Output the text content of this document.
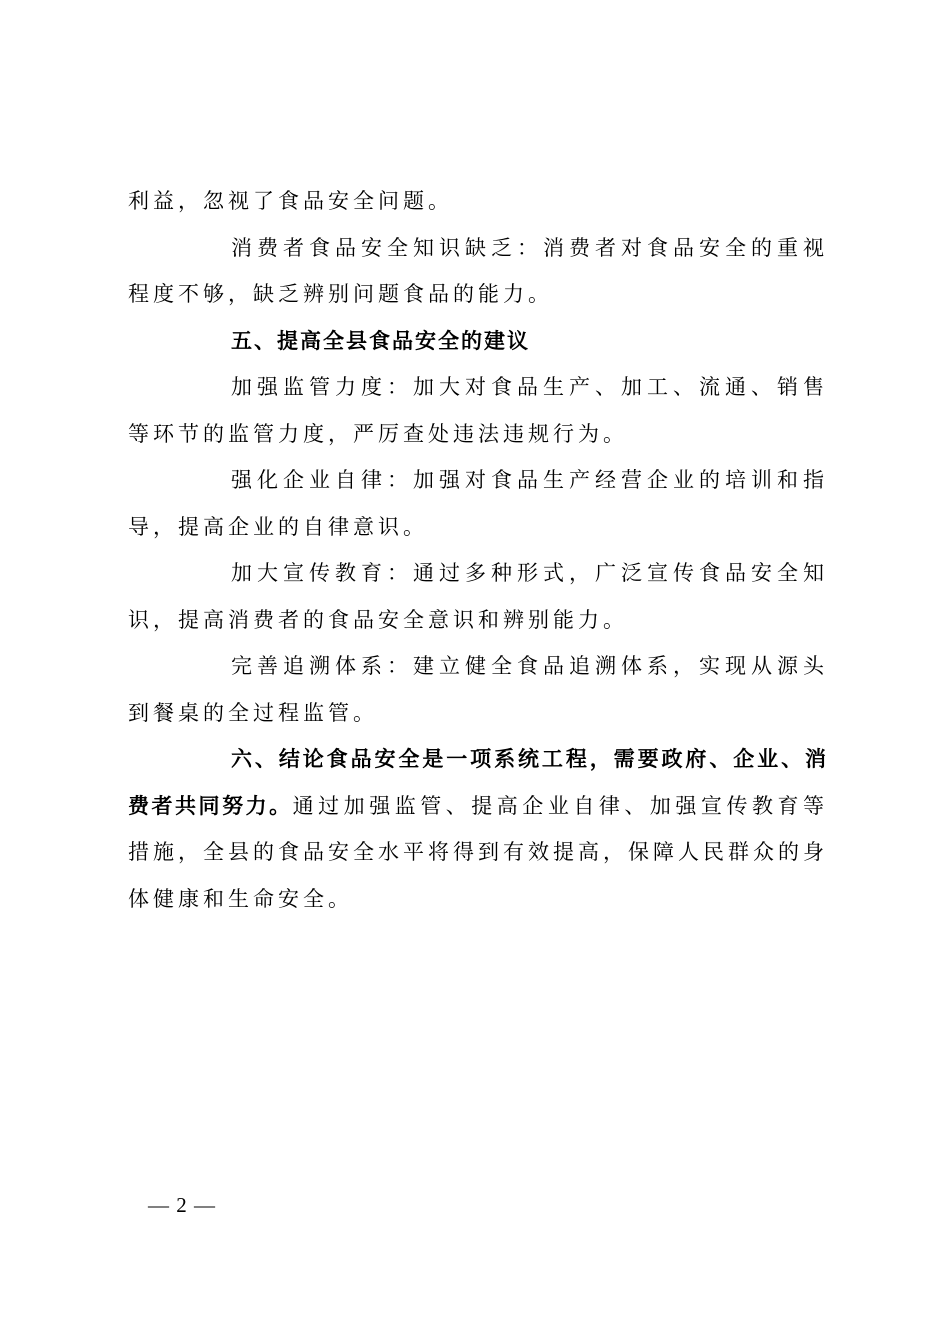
利益，忽视了食品安全问题。

消费者食品安全知识缺乏：消费者对食品安全的重视程度不够，缺乏辨别问题食品的能力。

五、提高全县食品安全的建议

加强监管力度：加大对食品生产、加工、流通、销售等环节的监管力度，严厉查处违法违规行为。

强化企业自律：加强对食品生产经营企业的培训和指导，提高企业的自律意识。

加大宣传教育：通过多种形式，广泛宣传食品安全知识，提高消费者的食品安全意识和辨别能力。

完善追溯体系：建立健全食品追溯体系，实现从源头到餐桌的全过程监管。

六、结论食品安全是一项系统工程，需要政府、企业、消费者共同努力。通过加强监管、提高企业自律、加强宣传教育等措施，全县的食品安全水平将得到有效提高，保障人民群众的身体健康和生命安全。

— 2 —
